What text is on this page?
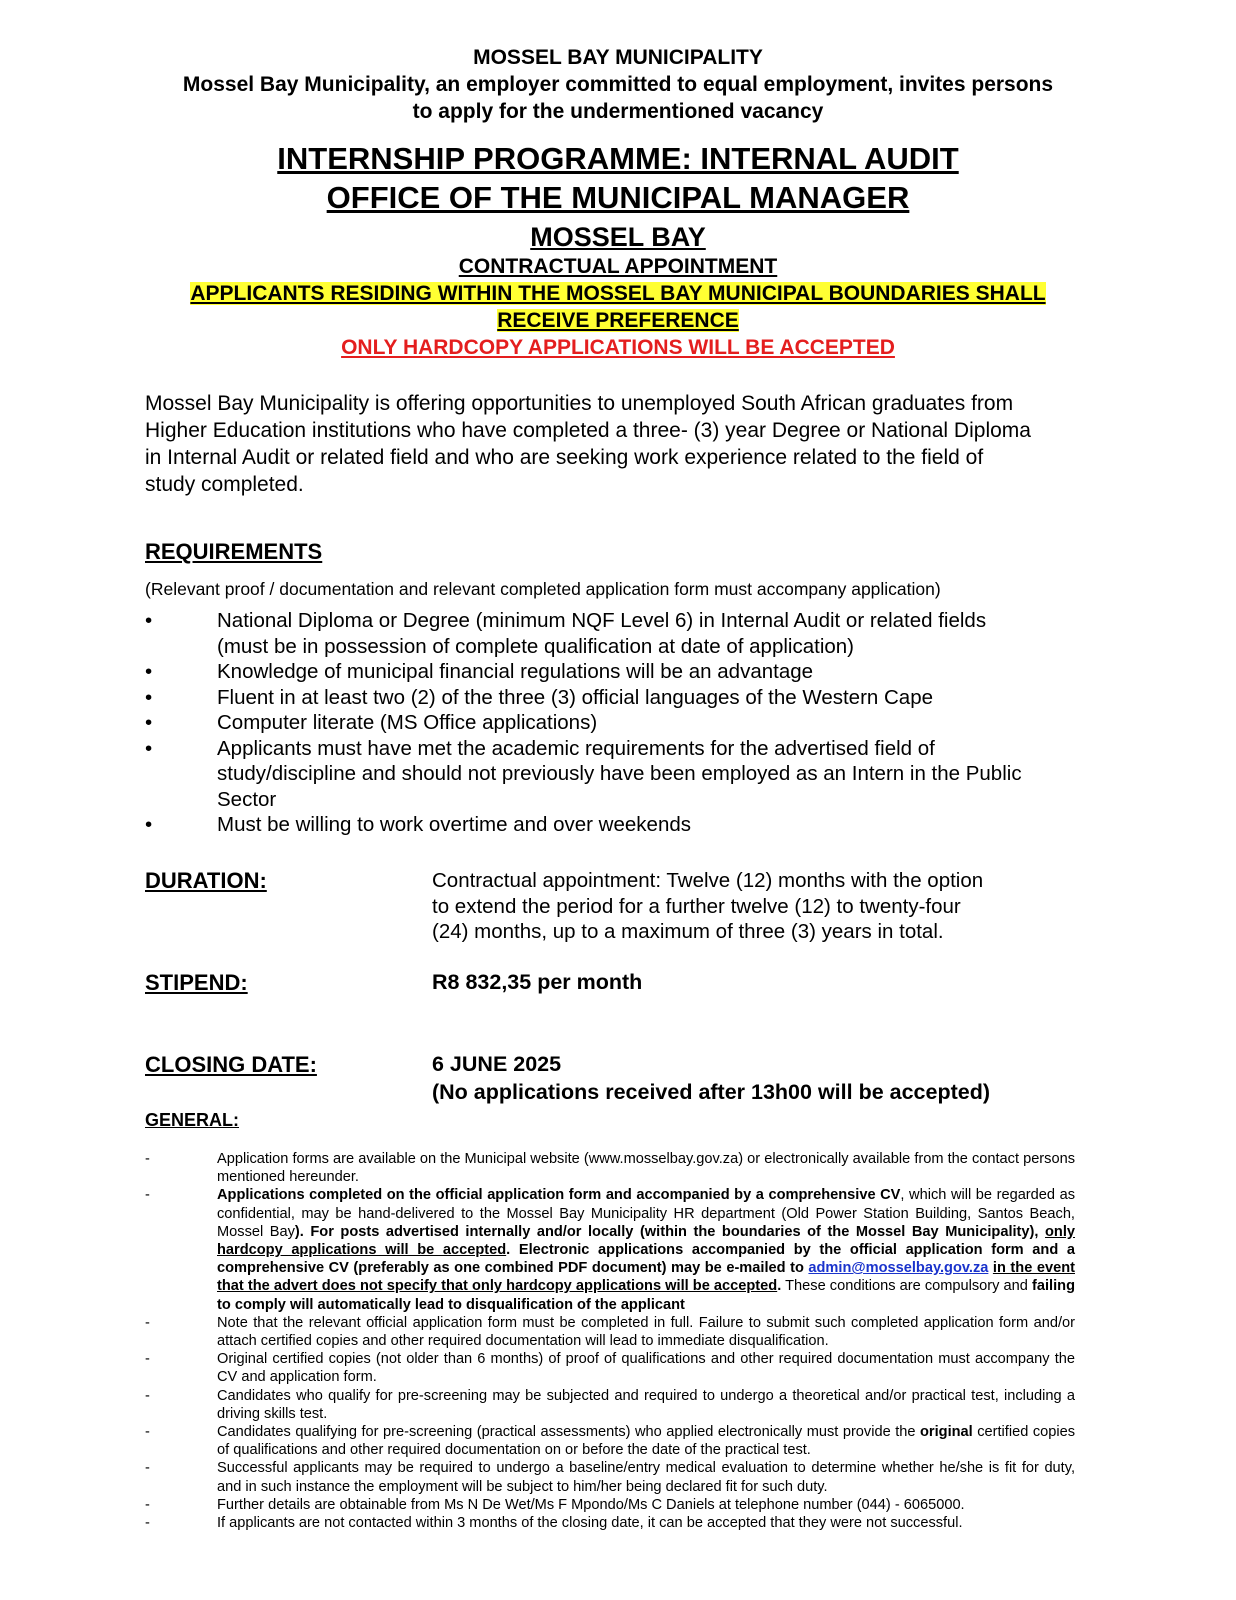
MOSSEL BAY MUNICIPALITY
Mossel Bay Municipality, an employer committed to equal employment, invites persons
to apply for the undermentioned vacancy
INTERNSHIP PROGRAMME: INTERNAL AUDIT
OFFICE OF THE MUNICIPAL MANAGER
MOSSEL BAY
CONTRACTUAL APPOINTMENT
APPLICANTS RESIDING WITHIN THE MOSSEL BAY MUNICIPAL BOUNDARIES SHALL
RECEIVE PREFERENCE
ONLY HARDCOPY APPLICATIONS WILL BE ACCEPTED
Mossel Bay Municipality is offering opportunities to unemployed South African graduates from
Higher Education institutions who have completed a three- (3) year Degree or National Diploma
in Internal Audit or related field and who are seeking work experience related to the field of
study completed.
REQUIREMENTS
(Relevant proof / documentation and relevant completed application form must accompany application)
•	National Diploma or Degree (minimum NQF Level 6) in Internal Audit or related fields
(must be in possession of complete qualification at date of application)
•	Knowledge of municipal financial regulations will be an advantage
•	Fluent in at least two (2) of the three (3) official languages of the Western Cape
•	Computer literate (MS Office applications)
•	Applicants must have met the academic requirements for the advertised field of
study/discipline and should not previously have been employed as an Intern in the Public
Sector
•	Must be willing to work overtime and over weekends
DURATION:	Contractual appointment: Twelve (12) months with the option
to extend the period for a further twelve (12) to twenty-four
(24) months, up to a maximum of three (3) years in total.
STIPEND:	R8 832,35 per month
CLOSING DATE:	6 JUNE 2025
(No applications received after 13h00 will be accepted)
GENERAL:
-	Application forms are available on the Municipal website (www.mosselbay.gov.za) or electronically available from the contact persons mentioned hereunder.
-	Applications completed on the official application form and accompanied by a comprehensive CV, which will be regarded as confidential, may be hand-delivered to the Mossel Bay Municipality HR department (Old Power Station Building, Santos Beach, Mossel Bay). For posts advertised internally and/or locally (within the boundaries of the Mossel Bay Municipality), only hardcopy applications will be accepted. Electronic applications accompanied by the official application form and a comprehensive CV (preferably as one combined PDF document) may be e-mailed to admin@mosselbay.gov.za in the event that the advert does not specify that only hardcopy applications will be accepted. These conditions are compulsory and failing to comply will automatically lead to disqualification of the applicant
-	Note that the relevant official application form must be completed in full. Failure to submit such completed application form and/or attach certified copies and other required documentation will lead to immediate disqualification.
-	Original certified copies (not older than 6 months) of proof of qualifications and other required documentation must accompany the CV and application form.
-	Candidates who qualify for pre-screening may be subjected and required to undergo a theoretical and/or practical test, including a driving skills test.
-	Candidates qualifying for pre-screening (practical assessments) who applied electronically must provide the original certified copies of qualifications and other required documentation on or before the date of the practical test.
-	Successful applicants may be required to undergo a baseline/entry medical evaluation to determine whether he/she is fit for duty, and in such instance the employment will be subject to him/her being declared fit for such duty.
-	Further details are obtainable from Ms N De Wet/Ms F Mpondo/Ms C Daniels at telephone number (044) - 6065000.
-	If applicants are not contacted within 3 months of the closing date, it can be accepted that they were not successful.
